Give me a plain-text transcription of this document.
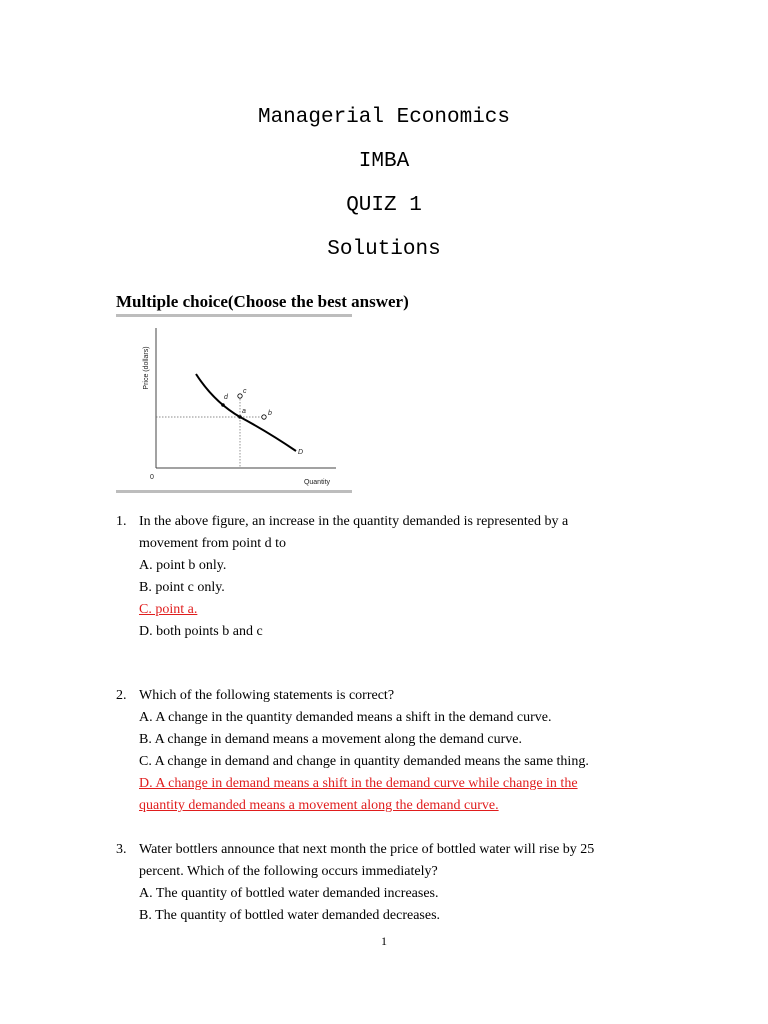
Managerial Economics
IMBA
QUIZ 1
Solutions
Multiple choice(Choose the best answer)
Price (dollars)
0
Quantity
D
d
c
a	b
1. In the above figure, an increase in the quantity demanded is represented by a
movement from point d to
A. point b only.
B. point c only.
C. point a.
D. both points b and c
2. Which of the following statements is correct?
A. A change in the quantity demanded means a shift in the demand curve.
B. A change in demand means a movement along the demand curve.
C. A change in demand and change in quantity demanded means the same thing.
D. A change in demand means a shift in the demand curve while change in the
quantity demanded means a movement along the demand curve.
3. Water bottlers announce that next month the price of bottled water will rise by 25
percent. Which of the following occurs immediately?
A. The quantity of bottled water demanded increases.
B. The quantity of bottled water demanded decreases.
1
